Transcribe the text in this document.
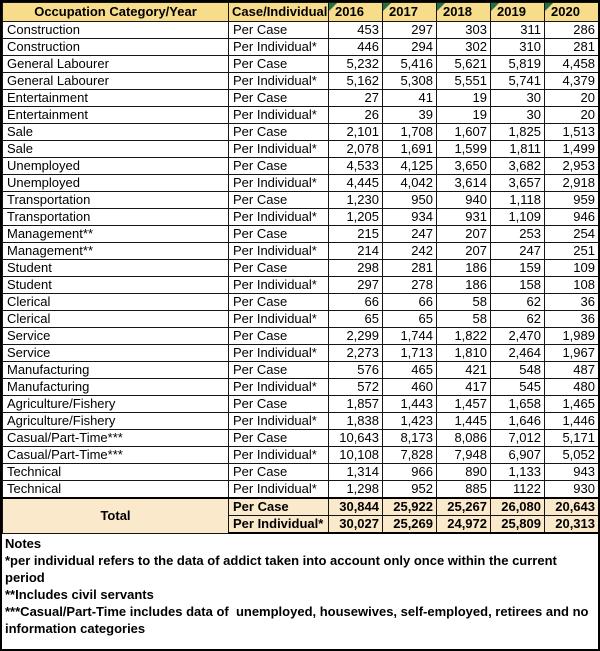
Occupation Category/Year	Case/Individual	2016	2017	2018	2019	2020
Construction	Per Case	453	297	303	311	286
Construction	Per Individual*	446	294	302	310	281
General Labourer	Per Case	5,232	5,416	5,621	5,819	4,458
General Labourer	Per Individual*	5,162	5,308	5,551	5,741	4,379
Entertainment	Per Case	27	41	19	30	20
Entertainment	Per Individual*	26	39	19	30	20
Sale	Per Case	2,101	1,708	1,607	1,825	1,513
Sale	Per Individual*	2,078	1,691	1,599	1,811	1,499
Unemployed	Per Case	4,533	4,125	3,650	3,682	2,953
Unemployed	Per Individual*	4,445	4,042	3,614	3,657	2,918
Transportation	Per Case	1,230	950	940	1,118	959
Transportation	Per Individual*	1,205	934	931	1,109	946
Management**	Per Case	215	247	207	253	254
Management**	Per Individual*	214	242	207	247	251
Student	Per Case	298	281	186	159	109
Student	Per Individual*	297	278	186	158	108
Clerical	Per Case	66	66	58	62	36
Clerical	Per Individual*	65	65	58	62	36
Service	Per Case	2,299	1,744	1,822	2,470	1,989
Service	Per Individual*	2,273	1,713	1,810	2,464	1,967
Manufacturing	Per Case	576	465	421	548	487
Manufacturing	Per Individual*	572	460	417	545	480
Agriculture/Fishery	Per Case	1,857	1,443	1,457	1,658	1,465
Agriculture/Fishery	Per Individual*	1,838	1,423	1,445	1,646	1,446
Casual/Part-Time***	Per Case	10,643	8,173	8,086	7,012	5,171
Casual/Part-Time***	Per Individual*	10,108	7,828	7,948	6,907	5,052
Technical	Per Case	1,314	966	890	1,133	943
Technical	Per Individual*	1,298	952	885	1122	930
Total	Per Case	30,844	25,922	25,267	26,080	20,643
	Per Individual*	30,027	25,269	24,972	25,809	20,313
Notes
*per individual refers to the data of addict taken into account only once within the current period
**Includes civil servants
***Casual/Part-Time includes data of  unemployed, housewives, self-employed, retirees and no information categories
